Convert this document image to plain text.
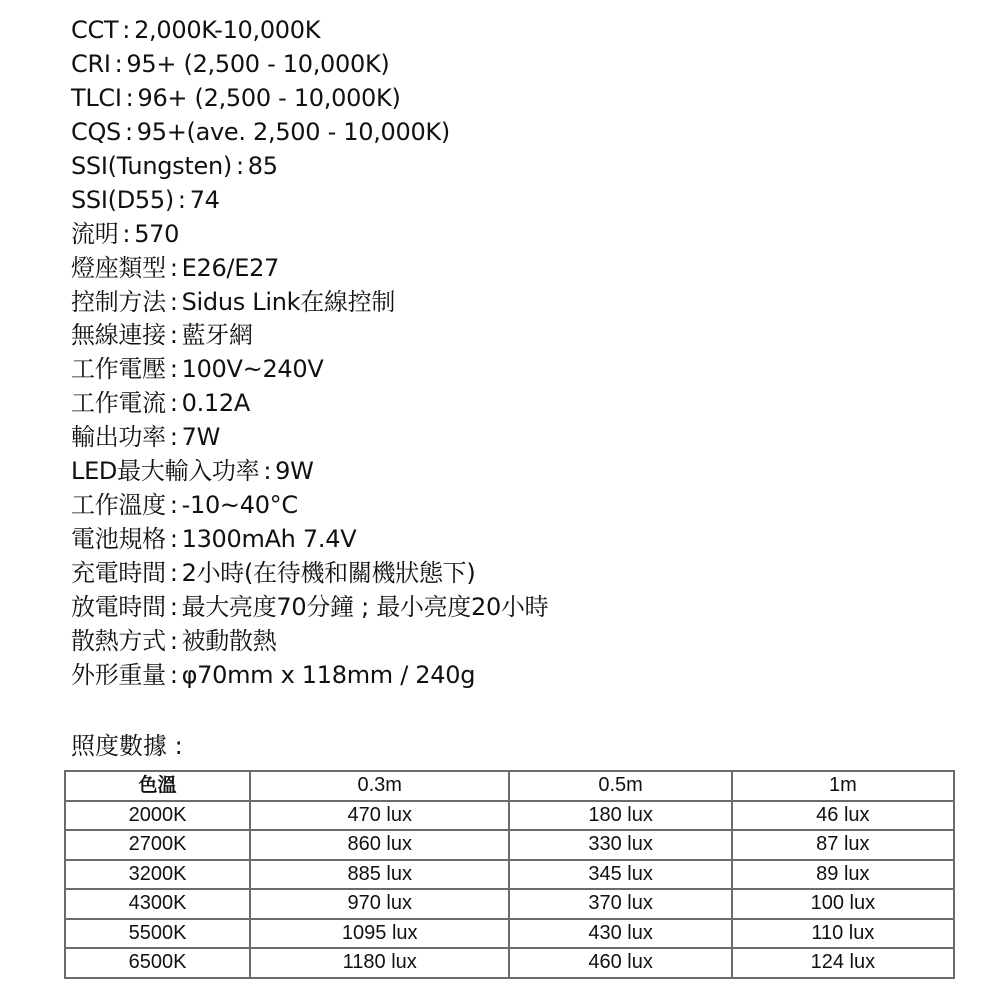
CCT : 2,000K-10,000K
CRI : 95+ (2,500 - 10,000K)
TLCI : 96+ (2,500 - 10,000K)
CQS : 95+(ave. 2,500 - 10,000K)
SSI(Tungsten) : 85
SSI(D55) : 74
流明 : 570
燈座類型 : E26/E27
控制方法 : Sidus Link在線控制
無線連接 : 藍牙網
工作電壓 : 100V~240V
工作電流 : 0.12A
輸出功率 : 7W
LED最大輸入功率 : 9W
工作溫度 : -10~40°C
電池規格 : 1300mAh 7.4V
充電時間 : 2小時(在待機和關機狀態下)
放電時間 : 最大亮度70分鐘 ; 最小亮度20小時
散熱方式 : 被動散熱
外形重量 : φ70mm x 118mm / 240g
照度數據 :
色溫	0.3m	0.5m	1m
2000K	470 lux	180 lux	46 lux
2700K	860 lux	330 lux	87 lux
3200K	885 lux	345 lux	89 lux
4300K	970 lux	370 lux	100 lux
5500K	1095 lux	430 lux	110 lux
6500K	1180 lux	460 lux	124 lux
